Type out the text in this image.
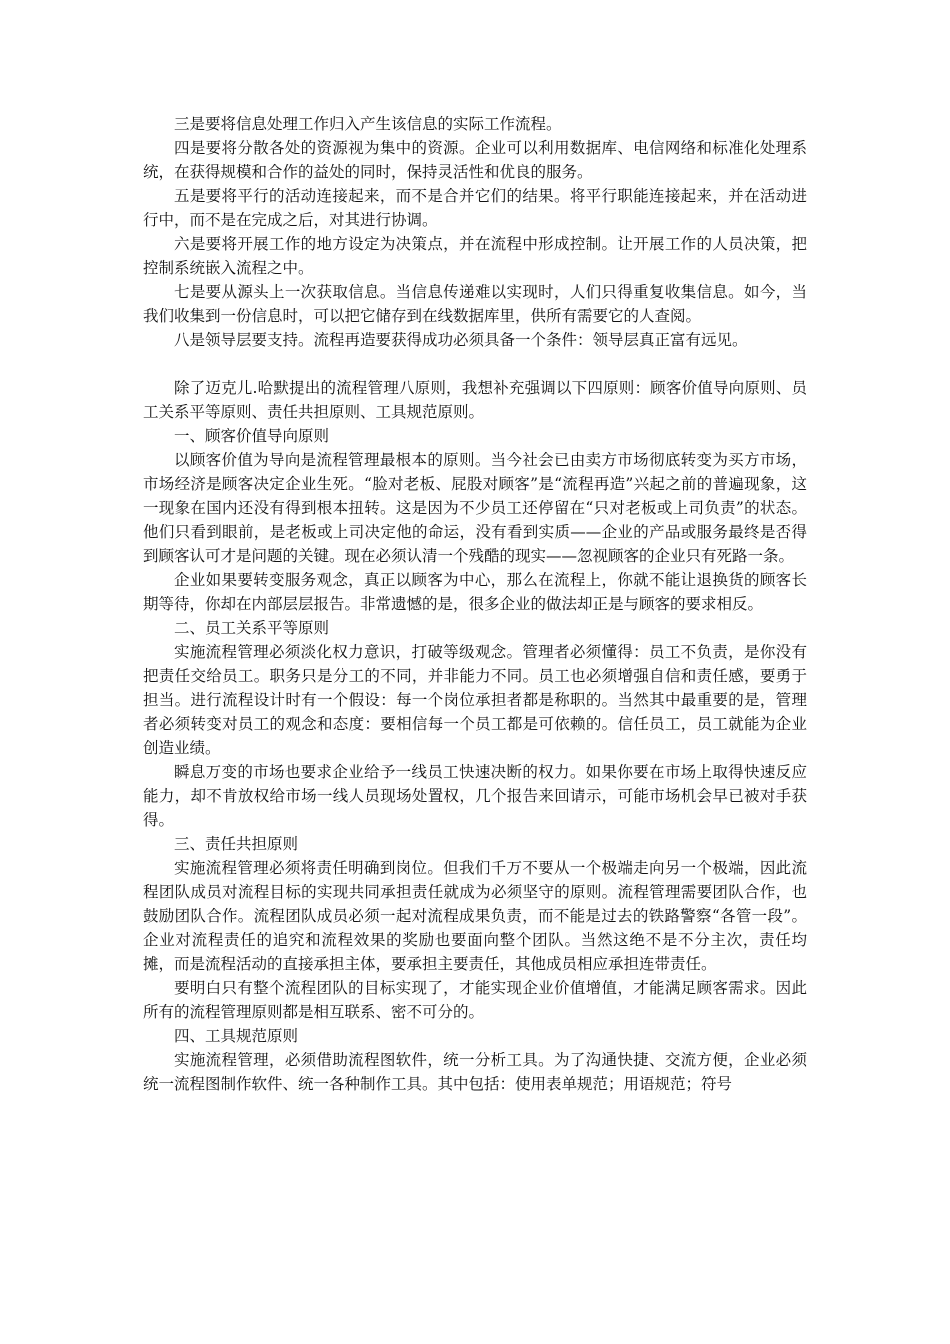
三是要将信息处理工作归入产生该信息的实际工作流程。

四是要将分散各处的资源视为集中的资源。企业可以利用数据库、电信网络和标准化处理系统，在获得规模和合作的益处的同时，保持灵活性和优良的服务。

五是要将平行的活动连接起来，而不是合并它们的结果。将平行职能连接起来，并在活动进行中，而不是在完成之后，对其进行协调。

六是要将开展工作的地方设定为决策点，并在流程中形成控制。让开展工作的人员决策，把控制系统嵌入流程之中。

七是要从源头上一次获取信息。当信息传递难以实现时，人们只得重复收集信息。如今，当我们收集到一份信息时，可以把它储存到在线数据库里，供所有需要它的人查阅。

八是领导层要支持。流程再造要获得成功必须具备一个条件：领导层真正富有远见。

除了迈克儿.哈默提出的流程管理八原则，我想补充强调以下四原则：顾客价值导向原则、员工关系平等原则、责任共担原则、工具规范原则。

一、顾客价值导向原则

以顾客价值为导向是流程管理最根本的原则。当今社会已由卖方市场彻底转变为买方市场，市场经济是顾客决定企业生死。“脸对老板、屁股对顾客”是“流程再造”兴起之前的普遍现象，这一现象在国内还没有得到根本扭转。这是因为不少员工还停留在“只对老板或上司负责”的状态。他们只看到眼前，是老板或上司决定他的命运，没有看到实质——企业的产品或服务最终是否得到顾客认可才是问题的关键。现在必须认清一个残酷的现实——忽视顾客的企业只有死路一条。

企业如果要转变服务观念，真正以顾客为中心，那么在流程上，你就不能让退换货的顾客长期等待，你却在内部层层报告。非常遗憾的是，很多企业的做法却正是与顾客的要求相反。

二、员工关系平等原则

实施流程管理必须淡化权力意识，打破等级观念。管理者必须懂得：员工不负责，是你没有把责任交给员工。职务只是分工的不同，并非能力不同。员工也必须增强自信和责任感，要勇于担当。进行流程设计时有一个假设：每一个岗位承担者都是称职的。当然其中最重要的是，管理者必须转变对员工的观念和态度：要相信每一个员工都是可依赖的。信任员工，员工就能为企业创造业绩。

瞬息万变的市场也要求企业给予一线员工快速决断的权力。如果你要在市场上取得快速反应能力，却不肯放权给市场一线人员现场处置权，几个报告来回请示，可能市场机会早已被对手获得。

三、责任共担原则

实施流程管理必须将责任明确到岗位。但我们千万不要从一个极端走向另一个极端，因此流程团队成员对流程目标的实现共同承担责任就成为必须坚守的原则。流程管理需要团队合作，也鼓励团队合作。流程团队成员必须一起对流程成果负责，而不能是过去的铁路警察“各管一段”。企业对流程责任的追究和流程效果的奖励也要面向整个团队。当然这绝不是不分主次，责任均摊，而是流程活动的直接承担主体，要承担主要责任，其他成员相应承担连带责任。

要明白只有整个流程团队的目标实现了，才能实现企业价值增值，才能满足顾客需求。因此所有的流程管理原则都是相互联系、密不可分的。

四、工具规范原则

实施流程管理，必须借助流程图软件，统一分析工具。为了沟通快捷、交流方便，企业必须统一流程图制作软件、统一各种制作工具。其中包括：使用表单规范；用语规范；符号
